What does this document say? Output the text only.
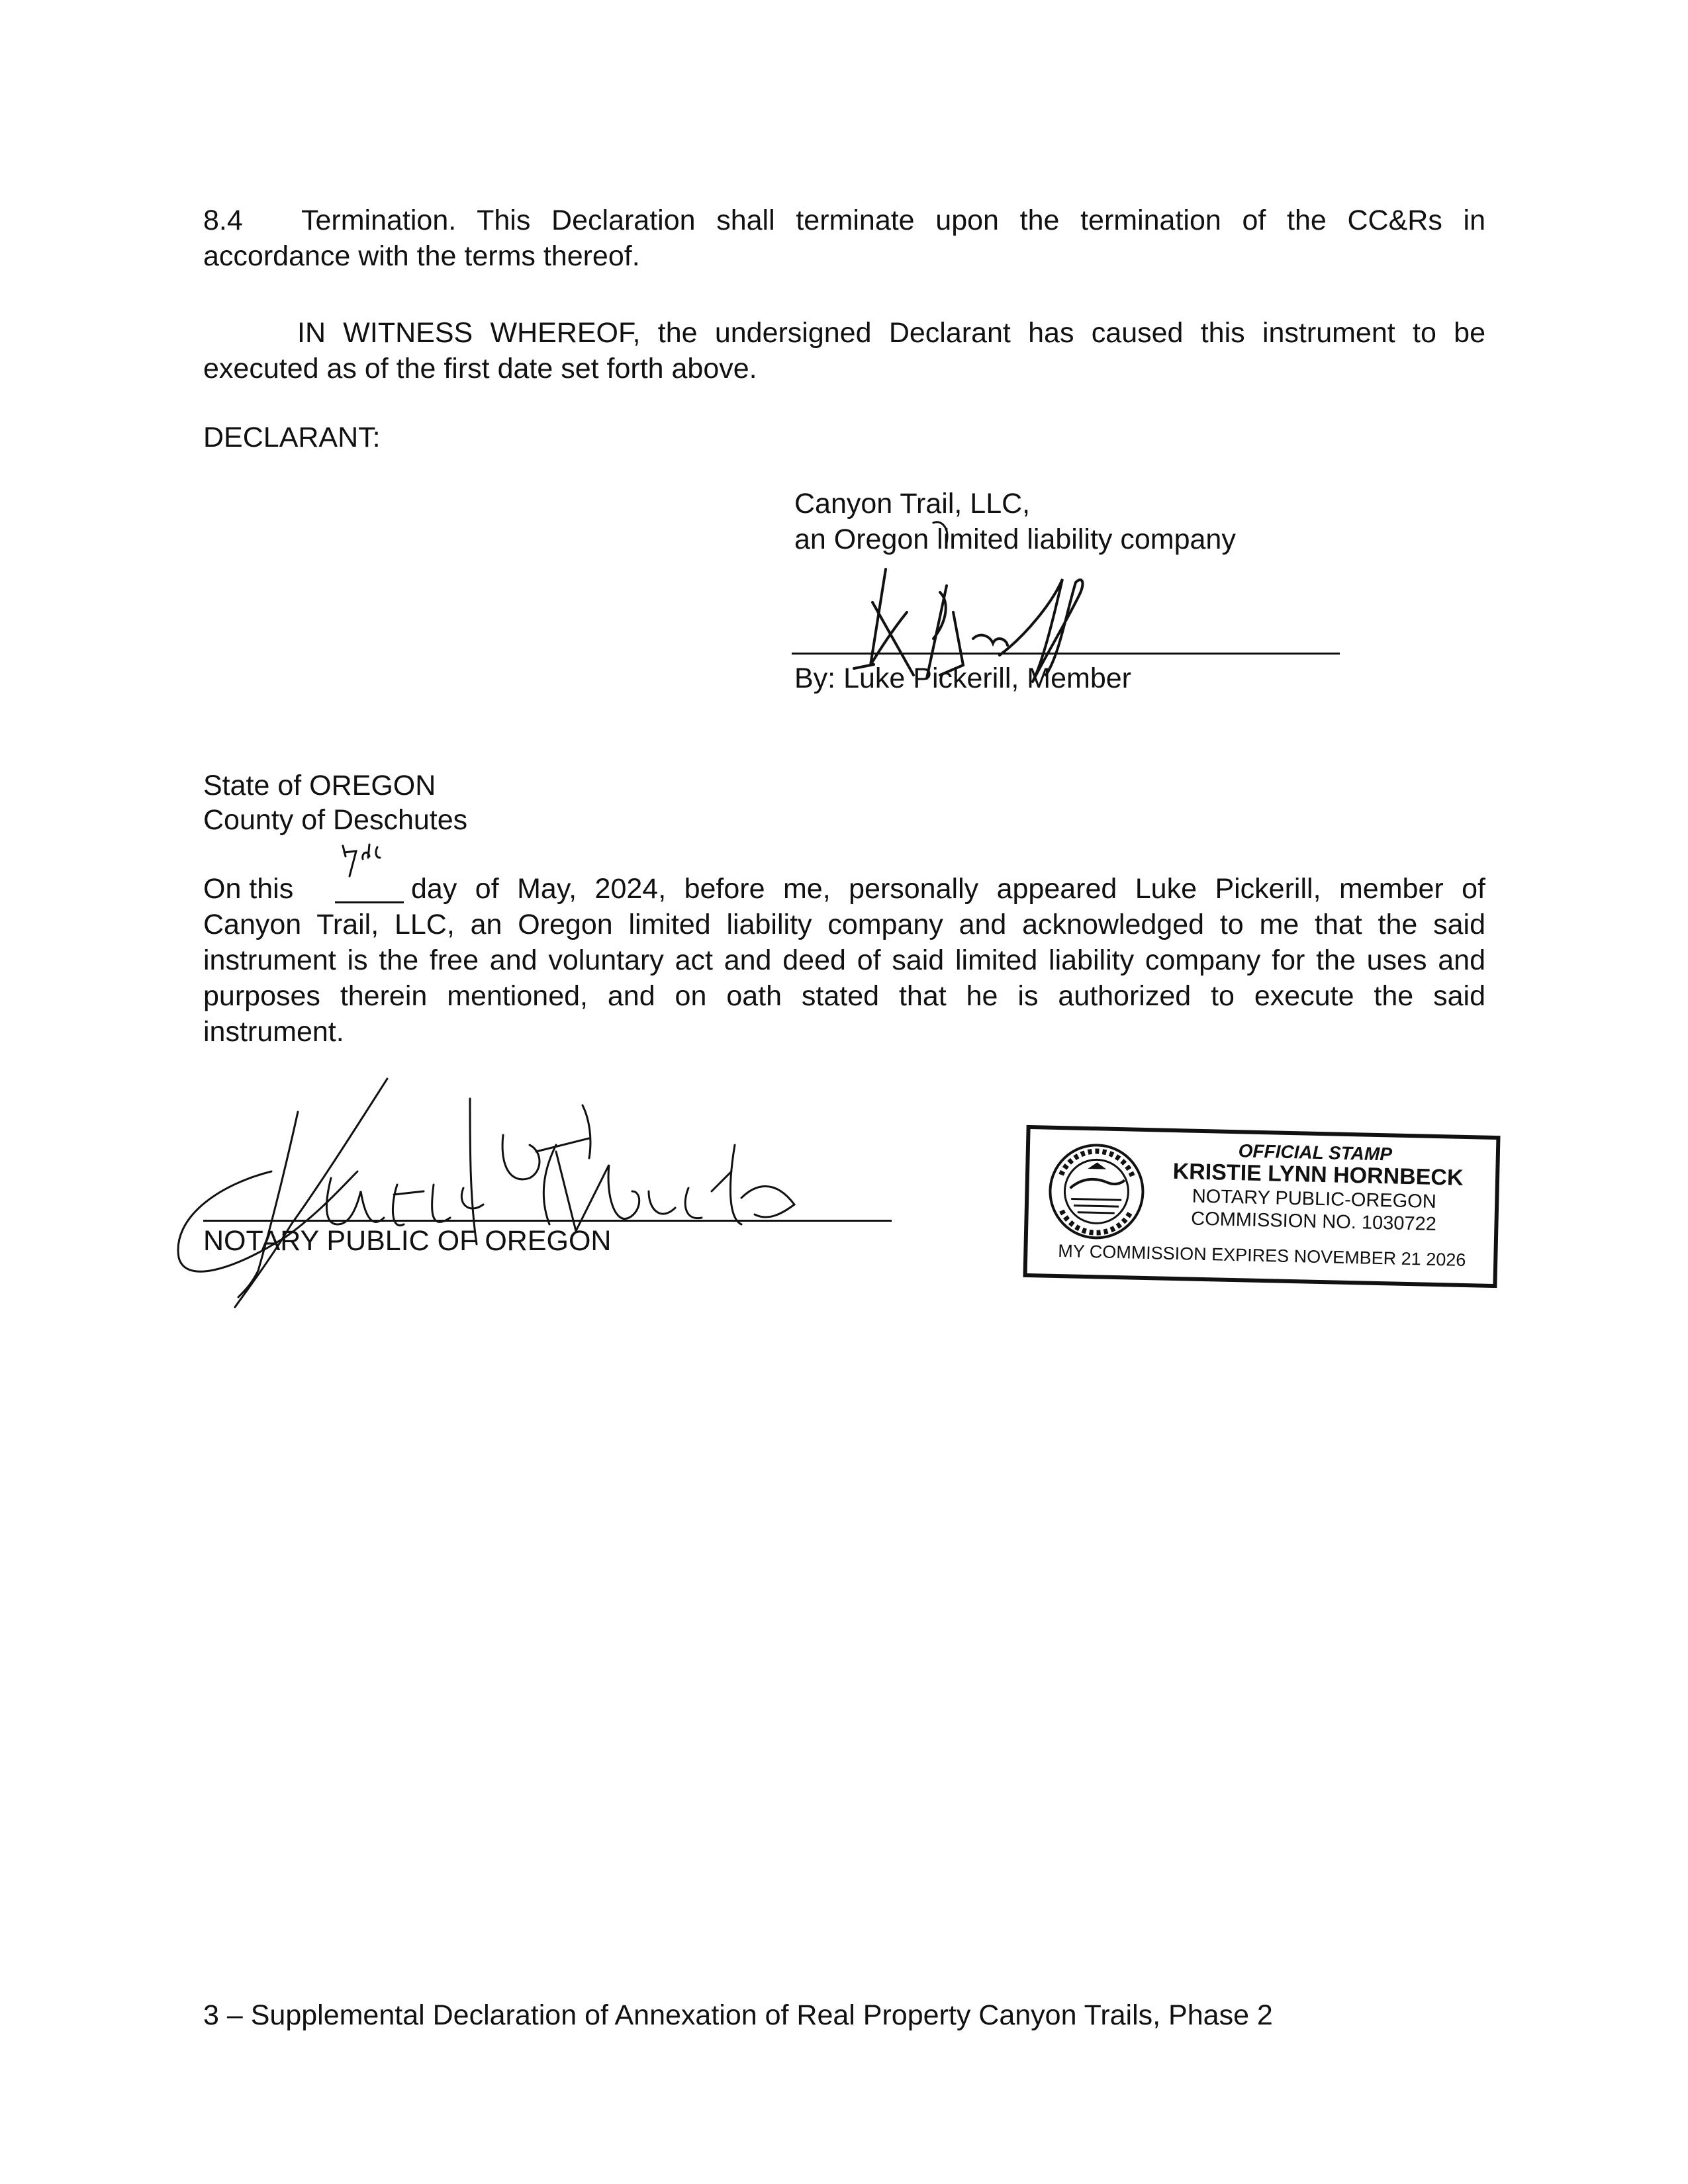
8.4	Termination. This Declaration shall terminate upon the termination of the CC&Rs in
accordance with the terms thereof.
IN WITNESS WHEREOF, the undersigned Declarant has caused this instrument to be
executed as of the first date set forth above.
DECLARANT:
Canyon Trail, LLC,
an Oregon limited liability company
By: Luke Pickerill, Member
State of OREGON
County of Deschutes
On this	day of May, 2024, before me, personally appeared Luke Pickerill, member of
Canyon Trail, LLC, an Oregon limited liability company and acknowledged to me that the said
instrument is the free and voluntary act and deed of said limited liability company for the uses and
purposes therein mentioned, and on oath stated that he is authorized to execute the said
instrument.
NOTARY PUBLIC OF OREGON
OFFICIAL STAMP
KRISTIE LYNN HORNBECK
NOTARY PUBLIC-OREGON
COMMISSION NO. 1030722
MY COMMISSION EXPIRES NOVEMBER 21 2026
3 – Supplemental Declaration of Annexation of Real Property Canyon Trails, Phase 2
